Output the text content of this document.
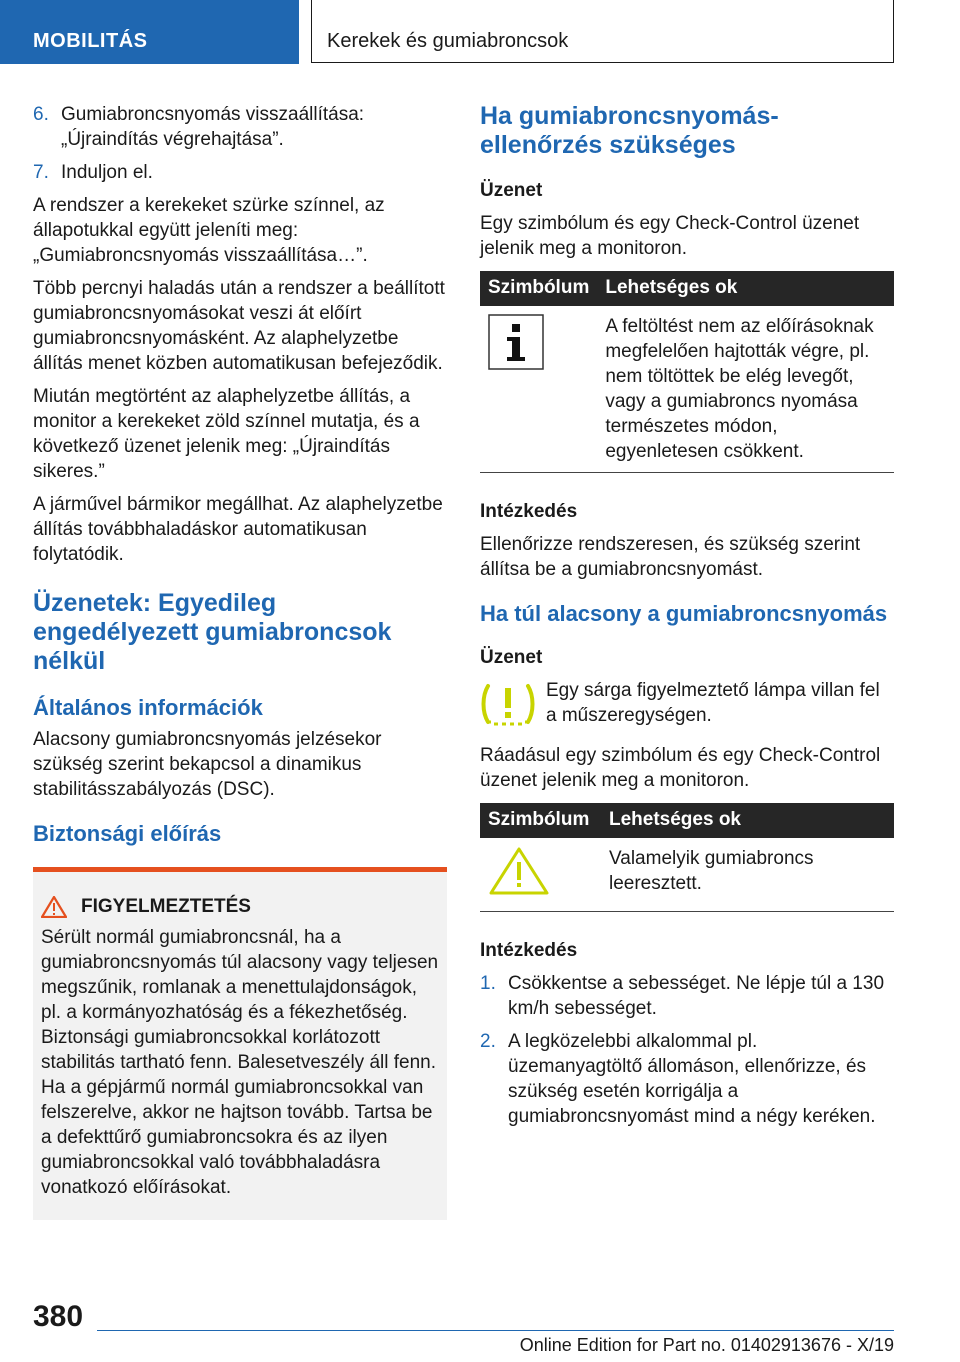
MOBILITÁS	Kerekek és gumiabroncsok
6. Gumiabroncsnyomás visszaállítása: „Újraindítás végrehajtása”.
7. Induljon el.

A rendszer a kerekeket szürke színnel, az állapotukkal együtt jeleníti meg: „Gumiabroncsnyomás visszaállítása…”.

Több percnyi haladás után a rendszer a beállított gumiabroncsnyomásokat veszi át előírt gumiabroncsnyomásként. Az alaphelyzetbe állítás menet közben automatikusan befejeződik.

Miután megtörtént az alaphelyzetbe állítás, a monitor a kerekeket zöld színnel mutatja, és a következő üzenet jelenik meg: „Újraindítás sikeres.”

A járművel bármikor megállhat. Az alaphelyzetbe állítás továbbhaladáskor automatikusan folytatódik.

Üzenetek: Egyedileg engedélyezett gumiabroncsok nélkül
Általános információk

Alacsony gumiabroncsnyomás jelzésekor szükség szerint bekapcsol a dinamikus stabilitásszabályozás (DSC).

Biztonsági előírás
FIGYELMEZTETÉS
Sérült normál gumiabroncsnál, ha a gumiabroncsnyomás túl alacsony vagy teljesen megszűnik, romlanak a menettulajdonságok, pl. a kormányozhatóság és a fékezhetőség. Biztonsági gumiabroncsokkal korlátozott stabilitás tartható fenn. Balesetveszély áll fenn. Ha a gépjármű normál gumiabroncsokkal van felszerelve, akkor ne hajtson tovább. Tartsa be a defekttűrő gumiabroncsokra és az ilyen gumiabroncsokkal való továbbhaladásra vonatkozó előírásokat.
Ha gumiabroncsnyomás-ellenőrzés szükséges
Üzenet

Egy szimbólum és egy Check-Control üzenet jelenik meg a monitoron.

Szimbólum	Lehetséges ok
	A feltöltést nem az előírásoknak megfelelően hajtották végre, pl. nem töltöttek be elég levegőt, vagy a gumiabroncs nyomása természetes módon, egyenletesen csökkent.
Intézkedés

Ellenőrizze rendszeresen, és szükség szerint állítsa be a gumiabroncsnyomást.

Ha túl alacsony a gumiabroncsnyomás
Üzenet
Egy sárga figyelmeztető lámpa villan fel a műszeregységen.

Ráadásul egy szimbólum és egy Check-Control üzenet jelenik meg a monitoron.

Szimbólum	Lehetséges ok
	Valamelyik gumiabroncs leeresztett.
Intézkedés
1. Csökkentse a sebességet. Ne lépje túl a 130 km/h sebességet.
2. A legközelebbi alkalommal pl. üzemanyagtöltő állomáson, ellenőrizze, és szükség esetén korrigálja a gumiabroncsnyomást mind a négy keréken.
380
Online Edition for Part no. 01402913676 - X/19
